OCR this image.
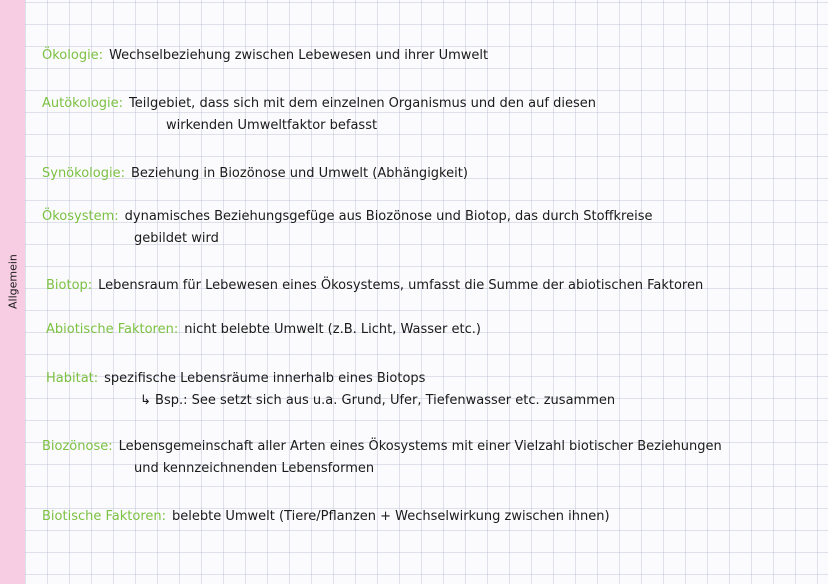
Ökologie: Wechselbeziehung zwischen Lebewesen und ihrer Umwelt
Autökologie: Teilgebiet, dass sich mit dem einzelnen Organismus und den auf diesen
wirkenden Umweltfaktor befasst
Synökologie: Beziehung in Biozönose und Umwelt (Abhängigkeit)
Ökosystem: dynamisches Beziehungsgefüge aus Biozönose und Biotop, das durch Stoffkreise
gebildet wird
Biotop: Lebensraum für Lebewesen eines Ökosystems, umfasst die Summe der abiotischen Faktoren
Abiotische Faktoren: nicht belebte Umwelt (z.B. Licht, Wasser etc.)
Habitat: spezifische Lebensräume innerhalb eines Biotops
↳ Bsp.: See setzt sich aus u.a. Grund, Ufer, Tiefenwasser etc. zusammen
Biozönose: Lebensgemeinschaft aller Arten eines Ökosystems mit einer Vielzahl biotischer Beziehungen
und kennzeichnenden Lebensformen
Biotische Faktoren: belebte Umwelt (Tiere/Pflanzen + Wechselwirkung zwischen ihnen)
